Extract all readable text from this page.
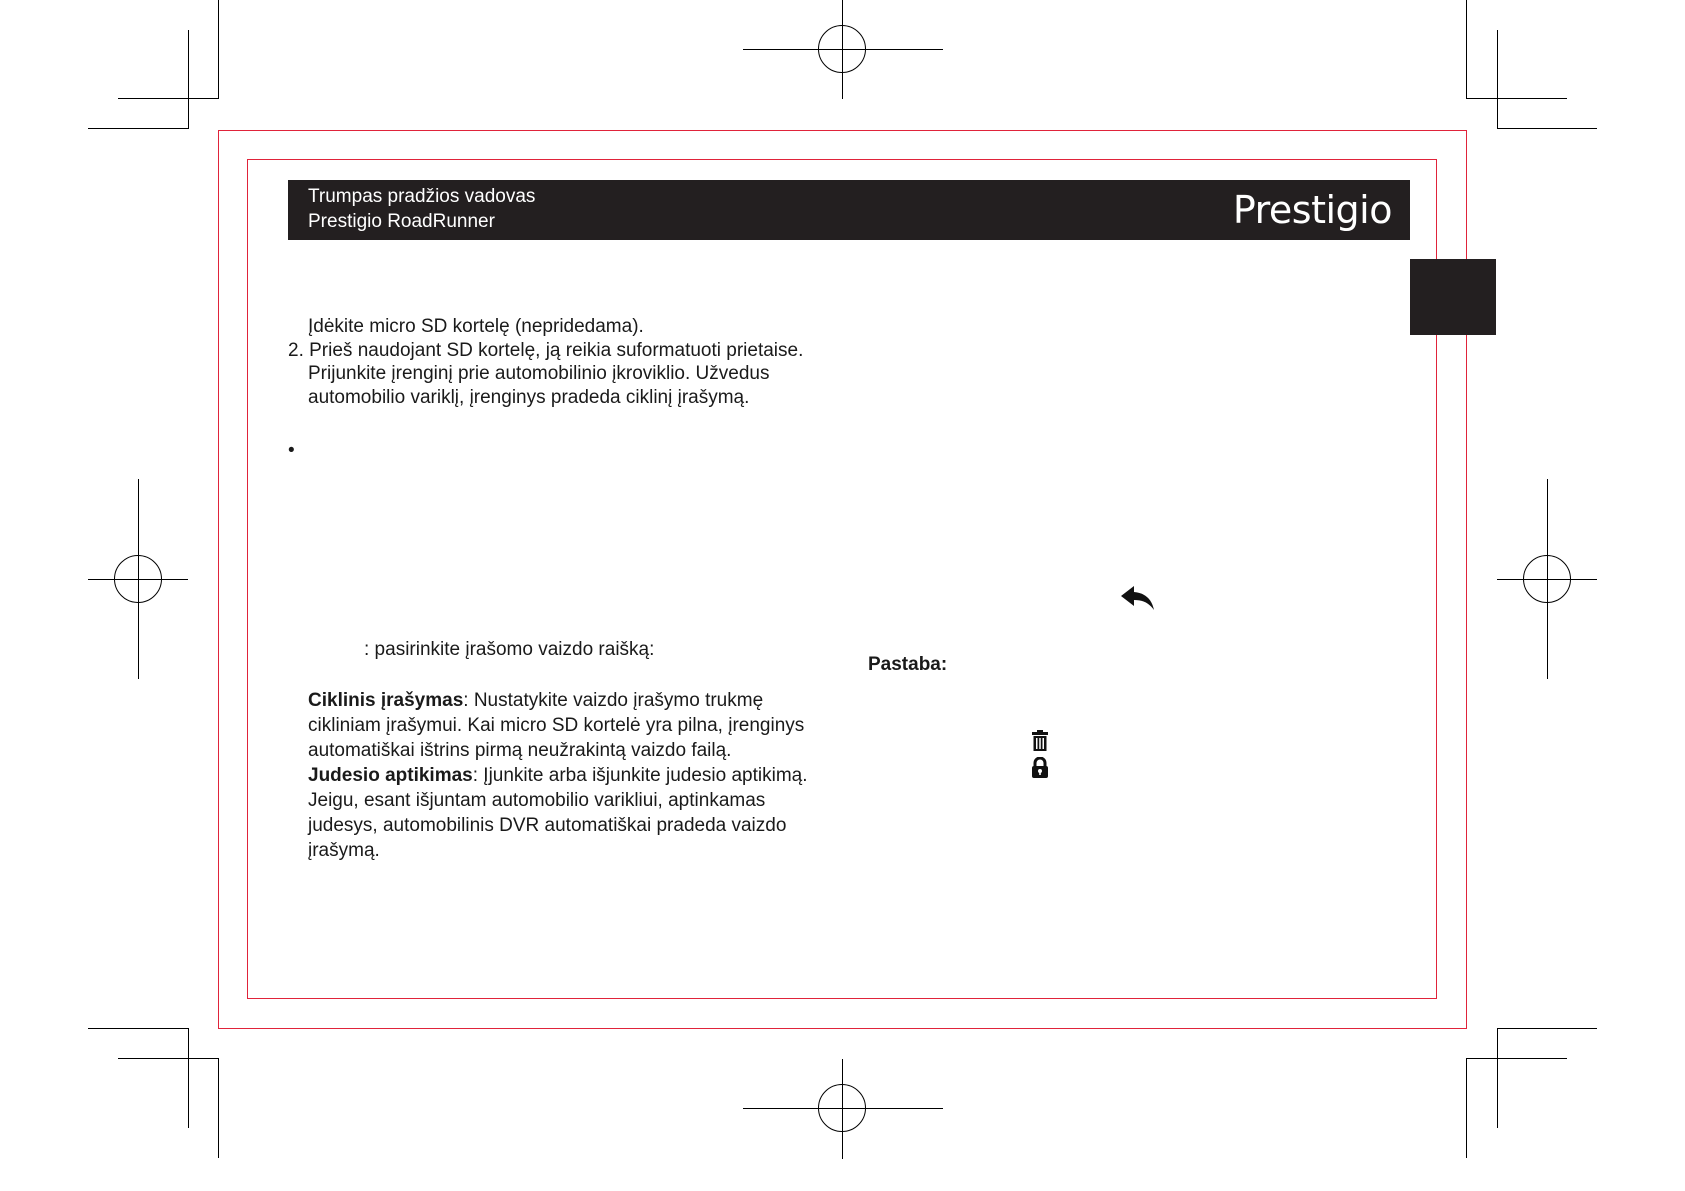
Trumpas pradžios vadovas
Prestigio RoadRunner	Prestigio
Įdėkite micro SD kortelę (nepridedama).
2. Prieš naudojant SD kortelę, ją reikia suformatuoti prietaise.
Prijunkite įrenginį prie automobilinio įkroviklio. Užvedus
automobilio variklį, įrenginys pradeda ciklinį įrašymą.
•
: pasirinkite įrašomo vaizdo raišką:
Ciklinis įrašymas: Nustatykite vaizdo įrašymo trukmę
cikliniam įrašymui. Kai micro SD kortelė yra pilna, įrenginys
automatiškai ištrins pirmą neužrakintą vaizdo failą.
Judesio aptikimas: Įjunkite arba išjunkite judesio aptikimą.
Jeigu, esant išjuntam automobilio varikliui, aptinkamas
judesys, automobilinis DVR automatiškai pradeda vaizdo
įrašymą.
Pastaba:
